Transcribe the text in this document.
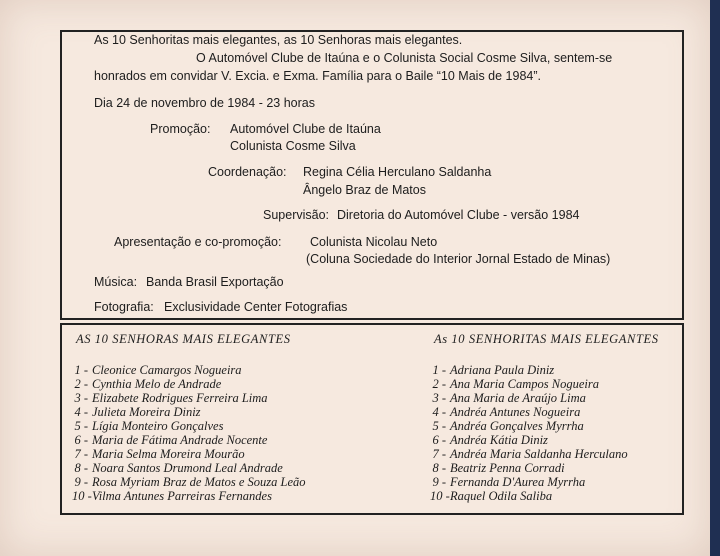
As 10 Senhoritas mais elegantes, as 10 Senhoras mais elegantes.
O Automóvel Clube de Itaúna e o Colunista Social Cosme Silva, sentem-se
honrados em convidar V. Excia. e Exma. Família para o Baile “10 Mais de 1984”.
Dia 24 de novembro de 1984 - 23 horas
Promoção: Automóvel Clube de Itaúna
Colunista Cosme Silva
Coordenação: Regina Célia Herculano Saldanha
Ângelo Braz de Matos
Supervisão: Diretoria do Automóvel Clube - versão 1984
Apresentação e co-promoção: Colunista Nicolau Neto
(Coluna Sociedade do Interior Jornal Estado de Minas)
Música: Banda Brasil Exportação
Fotografia: Exclusividade Center Fotografias
AS 10 SENHORAS MAIS ELEGANTES
1 - Cleonice Camargos Nogueira
2 - Cynthia Melo de Andrade
3 - Elizabete Rodrigues Ferreira Lima
4 - Julieta Moreira Diniz
5 - Lígia Monteiro Gonçalves
6 - Maria de Fátima Andrade Nocente
7 - Maria Selma Moreira Mourão
8 - Noara Santos Drumond Leal Andrade
9 - Rosa Myriam Braz de Matos e Souza Leão
10 -Vilma Antunes Parreiras Fernandes
As 10 SENHORITAS MAIS ELEGANTES
1 - Adriana Paula Diniz
2 - Ana Maria Campos Nogueira
3 - Ana Maria de Araújo Lima
4 - Andréa Antunes Nogueira
5 - Andréa Gonçalves Myrrha
6 - Andréa Kátia Diniz
7 - Andréa Maria Saldanha Herculano
8 - Beatriz Penna Corradi
9 - Fernanda D'Aurea Myrrha
10 -Raquel Odila Saliba
